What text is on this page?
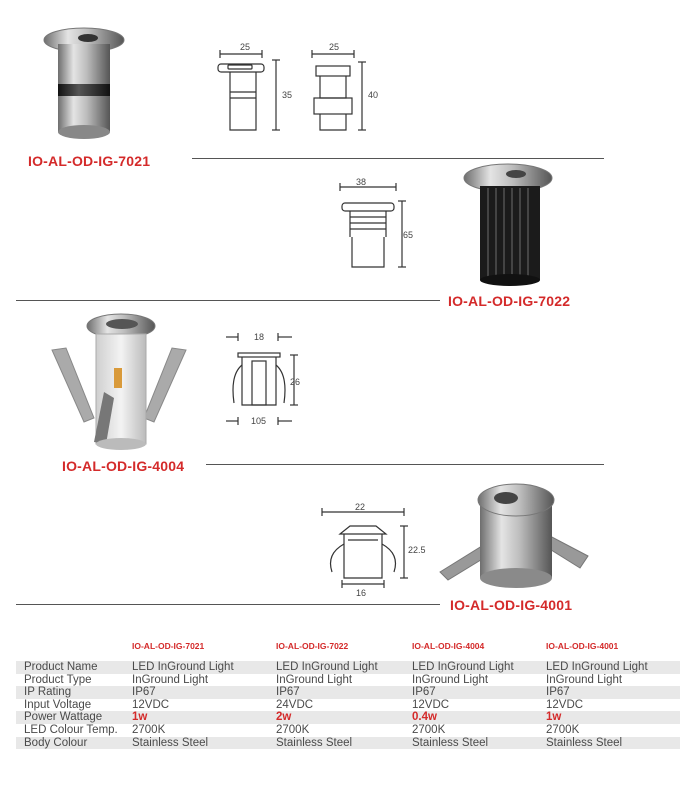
IO-AL-OD-IG-7021
25
35
25
40
38
65
IO-AL-OD-IG-7022
18
26
105
IO-AL-OD-IG-4004
22
22.5
16
IO-AL-OD-IG-4001
	IO-AL-OD-IG-7021	IO-AL-OD-IG-7022	IO-AL-OD-IG-4004	IO-AL-OD-IG-4001
Product Name	LED InGround Light	LED InGround Light	LED InGround Light	LED InGround Light
Product Type	InGround Light	InGround Light	InGround Light	InGround Light
IP Rating	IP67	IP67	IP67	IP67
Input Voltage	12VDC	24VDC	12VDC	12VDC
Power Wattage	1w	2w	0.4w	1w
LED Colour Temp.	2700K	2700K	2700K	2700K
Body Colour	Stainless Steel	Stainless Steel	Stainless Steel	Stainless Steel
